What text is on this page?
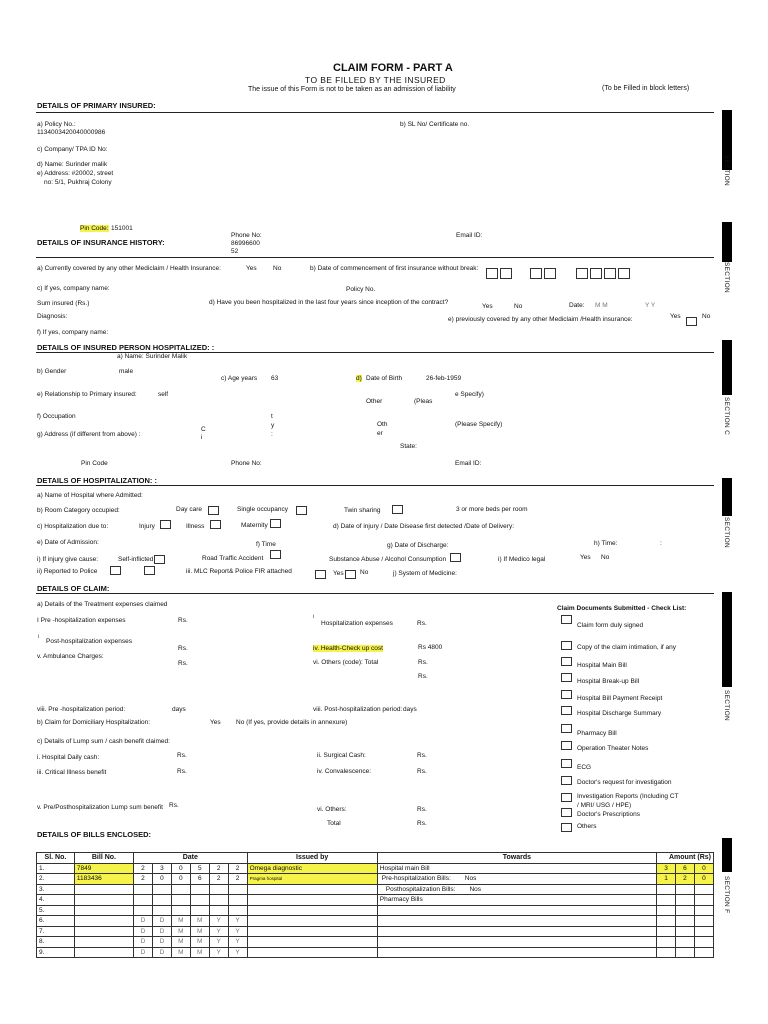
CLAIM FORM - PART A
TO BE FILLED BY THE INSURED
The issue of this Form is not to be taken as an admission of liability	(To be Filled in block letters)
SECTION
SECTION
SECTION C
SECTION
SECTION
SECTION F
DETAILS OF PRIMARY INSURED:
a) Policy No.:
1134003420040000986
b) SL No/ Certificate no.
c) Company/ TPA ID No:
d) Name: Surinder malik
e) Address: #20002, street
no: 5/1, Pukhraj Colony
Pin Code: 151001
Phone No:
86996600
52
Email ID:
DETAILS OF INSURANCE HISTORY:
a) Currently covered by any other Mediclaim / Health Insurance:	Yes	No	b) Date of commencement of first insurance without break:
c) If yes, company name:	Policy No.
Sum insured (Rs.)	d) Have you been hospitalized in the last four years since inception of the contract?
Yes	No	Date: M M	Y Y
Diagnosis:	e) previously covered by any other Mediclaim /Health insurance:	Yes	No
f) If yes, company name:
DETAILS OF INSURED PERSON HOSPITALIZED: :
a) Name: Surinder Malik
b) Gender	male
c) Age years 63	d) Date of Birth	26-feb-1959
e) Relationship to Primary insured:	self	e Specify)
Other	(Pleas
f) Occupation	t
y
:
g) Address (if different from above) :
C
i
Oth
er
(Please Specify)
State:
Pin Code	Phone No:	Email ID:
DETAILS OF HOSPITALIZATION: :
a) Name of Hospital where Admitted:
b) Room Category occupied:	Day care	Single occupancy	Twin sharing	3 or more beds per room
c) Hospitalization due to:	Injury	Illness	Maternity	d) Date of injury / Date Disease first detected /Date of Delivery:
e) Date of Admission:	f) Time	g) Date of Discharge:	h) Time:	:
i) If injury give cause:	Self-inflicted	Road Traffic Accident	Substance Abuse / Alcohol Consumption	i) If Medico legal	Yes No
ii) Reported to Police	iii. MLC Report& Police FIR attached	Yes	No	j) System of Medicine:
DETAILS OF CLAIM:
a) Details of the Treatment expenses claimed
I Pre -hospitalization expenses	Rs.	i
Hospitalization expenses	Rs.
i
Post-hospitalization expenses
v. Ambulance Charges:
Rs.
Rs.
iv. Health-Check up cost	Rs 4800
vi. Others (code): Total	Rs.
Rs.
viii. Pre -hospitalization period:	days	viii. Post-hospitalization period: days
b) Claim for Domiciliary Hospitalization:	Yes No (If yes, provide details in annexure)
c) Details of Lump sum / cash benefit claimed:
i. Hospital Daily cash:	Rs.	ii. Surgical Cash:	Rs.
iii. Critical Illness benefit	Rs.	iv. Convalescence:	Rs.
v. Pre/Posthospitalization Lump sum benefit Rs.
vi. Others:	Rs.
Total	Rs.
Claim Documents Submitted - Check List:
Claim form duly signed
Copy of the claim intimation, if any
Hospital Main Bill
Hospital Break-up Bill
Hospital Bill Payment Receipt
Hospital Discharge Summary
Pharmacy Bill
Operation Theater Notes
ECG
Doctor's request for investigation
Investigation Reports (Including CT
/ MRI/ USG / HPE)
Doctor's Prescriptions
Others
DETAILS OF BILLS ENCLOSED:
Sl. No.	Bill No.	Date						Issued by	Towards	Amount (Rs)		
1.	7849	2	3	0	5	2	2	Omega diagnostic	Hospital main Bill	3	6	0
2.	1183436	2	0	0	6	2	2	Pragma hospital	Pre-hospitalization Bills: Nos	1	2	0
3.									Posthospitalization Bills: Nos			
4.									Pharmacy Bills			
5.												
6.		D	D	M	M	Y	Y					
7.		D	D	M	M	Y	Y					
8.		D	D	M	M	Y	Y					
9.		D	D	M	M	Y	Y					
